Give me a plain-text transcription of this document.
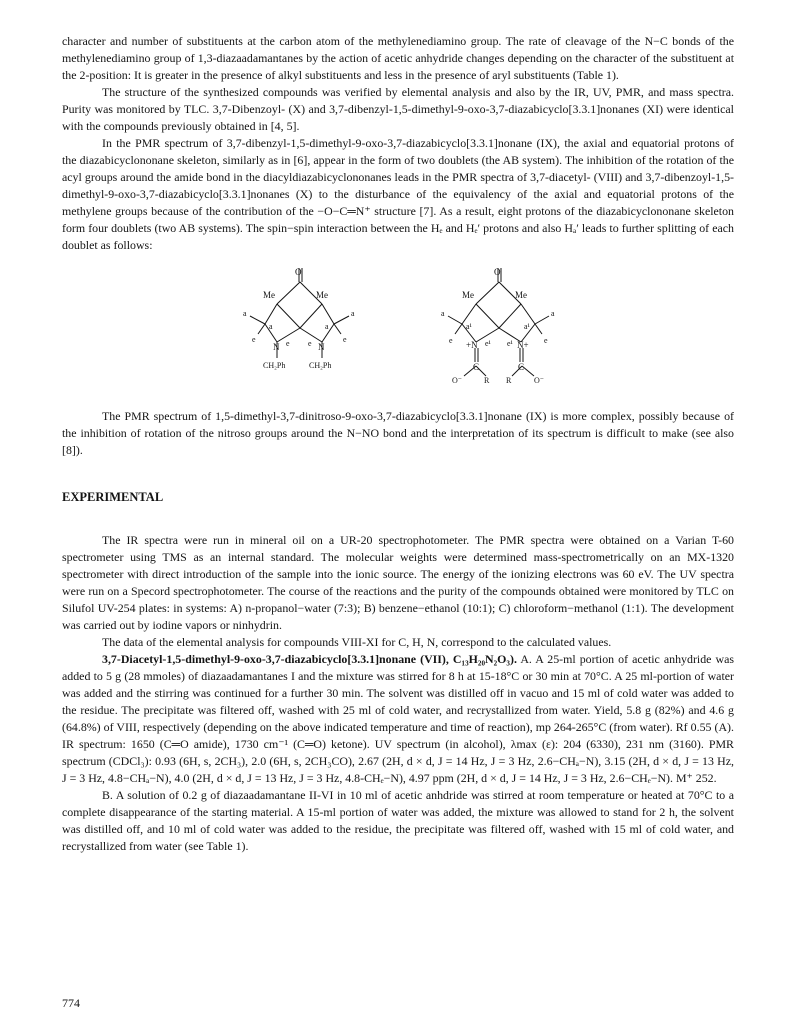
character and number of substituents at the carbon atom of the methylenediamino group. The rate of cleavage of the N−C bonds of the methylenediamino group of 1,3-diazaadamantanes by the action of acetic anhydride changes depending on the character of the substituent at the 2-position: It is greater in the presence of alkyl substituents and less in the presence of aryl substituents (Table 1).

The structure of the synthesized compounds was verified by elemental analysis and also by the IR, UV, PMR, and mass spectra. Purity was monitored by TLC. 3,7-Dibenzoyl- (X) and 3,7-dibenzyl-1,5-dimethyl-9-oxo-3,7-diazabicyclo[3.3.1]nonanes (XI) were identical with the compounds previously obtained in [4, 5].

In the PMR spectrum of 3,7-dibenzyl-1,5-dimethyl-9-oxo-3,7-diazabicyclo[3.3.1]nonane (IX), the axial and equatorial protons of the diazabicyclononane skeleton, similarly as in [6], appear in the form of two doublets (the AB system). The inhibition of the rotation of the acyl groups around the amide bond in the diacyldiazabicyclononanes leads in the PMR spectra of 3,7-diacetyl- (VIII) and 3,7-dibenzoyl-1,5-dimethyl-9-oxo-3,7-diazabicyclo[3.3.1]nonanes (X) to the disturbance of the equivalency of the axial and equatorial protons of the methylene groups because of the contribution of the −O−C═N⁺ structure [7]. As a result, eight protons of the diazabicyclononane skeleton form four doublets (two AB systems). The spin−spin interaction between the Hₑ and Hₑ′ protons and also Hₐ′ leads to further splitting of each doublet as follows:

O
Me	Me
a	a
a	a
e	e e	e
N	N
CH₂Ph	CH₂Ph
O
Me	Me
a	a
a¹	a¹
e	e¹ e¹	e
+N	N+
C	C
O⁻	O⁻
R R

The PMR spectrum of 1,5-dimethyl-3,7-dinitroso-9-oxo-3,7-diazabicyclo[3.3.1]nonane (IX) is more complex, possibly because of the inhibition of rotation of the nitroso groups around the N−NO bond and the interpretation of its spectrum is difficult to make (see also [8]).

EXPERIMENTAL

The IR spectra were run in mineral oil on a UR-20 spectrophotometer. The PMR spectra were obtained on a Varian T-60 spectrometer using TMS as an internal standard. The molecular weights were determined mass-spectrometrically on an MX-1320 spectrometer with direct introduction of the sample into the ionic source. The energy of the ionizing electrons was 60 eV. The UV spectra were run on a Specord spectrophotometer. The course of the reactions and the purity of the compounds obtained were monitored by TLC on Silufol UV-254 plates: in systems: A) n-propanol−water (7:3); B) benzene−ethanol (10:1); C) chloroform−methanol (1:1). The development was carried out by iodine vapors or ninhydrin.

The data of the elemental analysis for compounds VIII-XI for C, H, N, correspond to the calculated values.

3,7-Diacetyl-1,5-dimethyl-9-oxo-3,7-diazabicyclo[3.3.1]nonane (VII), C₁₃H₂₀N₂O₃). A. A 25-ml portion of acetic anhydride was added to 5 g (28 mmoles) of diazaadamantanes I and the mixture was stirred for 8 h at 15-18°C or 30 min at 70°C. A 25 ml-portion of water was added and the stirring was continued for a further 30 min. The solvent was distilled off in vacuo and 15 ml of cold water was added to the residue. The precipitate was filtered off, washed with 25 ml of cold water, and recrystallized from water. Yield, 5.8 g (82%) and 4.6 g (64.8%) of VIII, respectively (depending on the above indicated temperature and time of reaction), mp 264-265°C (from water). Rf 0.55 (A). IR spectrum: 1650 (C═O amide), 1730 cm⁻¹ (C═O) ketone). UV spectrum (in alcohol), λmax (ε): 204 (6330), 231 nm (3160). PMR spectrum (CDCl₃): 0.93 (6H, s, 2CH₃), 2.0 (6H, s, 2CH₃CO), 2.67 (2H, d × d, J = 14 Hz, J = 3 Hz, 2.6−CHₐ−N), 3.15 (2H, d × d, J = 13 Hz, J = 3 Hz, 4.8−CHₐ−N), 4.0 (2H, d × d, J = 13 Hz, J = 3 Hz, 4.8-CHₑ−N), 4.97 ppm (2H, d × d, J = 14 Hz, J = 3 Hz, 2.6−CHₑ−N). M⁺ 252.

B. A solution of 0.2 g of diazaadamantane II-VI in 10 ml of acetic anhdride was stirred at room temperature or heated at 70°C to a complete disappearance of the starting material. A 15-ml portion of water was added, the mixture was allowed to stand for 2 h, the solvent was distilled off, and 10 ml of cold water was added to the residue, the precipitate was filtered off, washed with 15 ml of cold water, and recrystallized from water (see Table 1).

774
